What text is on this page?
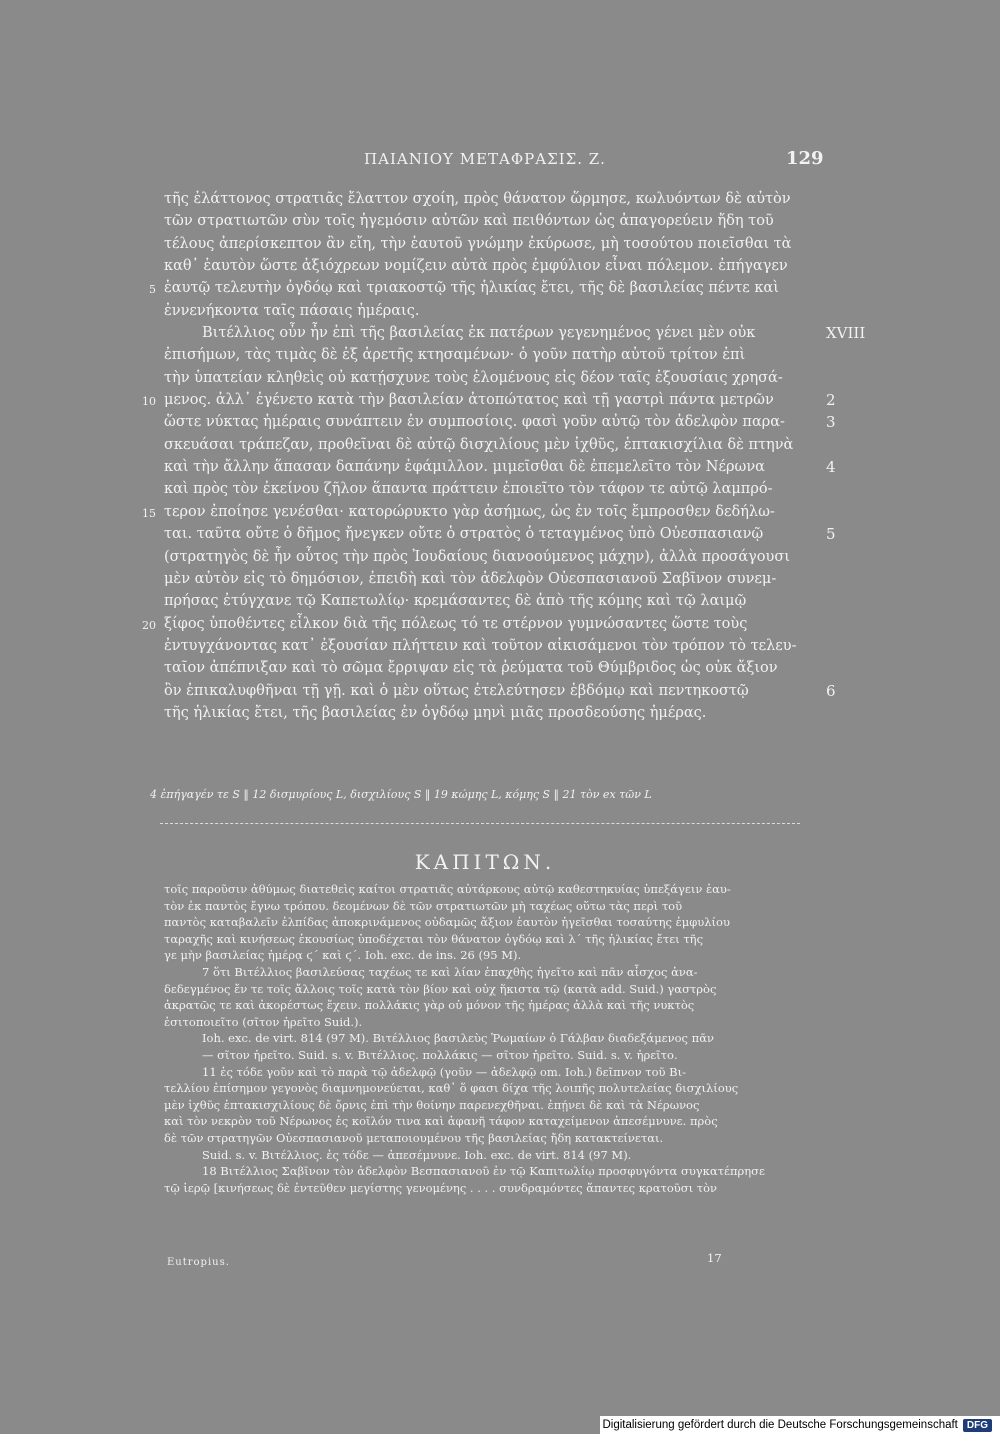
ΠΑΙΑΝΙΟΥ ΜΕΤΑΦΡΑΣΙΣ. Ζ.	129
τῆς ἐλάττονος στρατιᾶς ἔλαττον σχοίη, πρὸς θάνατον ὥρμησε, κωλυόντων δὲ αὐτὸν
τῶν στρατιωτῶν σὺν τοῖς ἡγεμόσιν αὐτῶν καὶ πειθόντων ὡς ἀπαγορεύειν ἤδη τοῦ
τέλους ἀπερίσκεπτον ἂν εἴη, τὴν ἑαυτοῦ γνώμην ἐκύρωσε, μὴ τοσούτου ποιεῖσθαι τὰ
καθ᾿ ἑαυτὸν ὥστε ἀξιόχρεων νομίζειν αὐτὰ πρὸς ἐμφύλιον εἶναι πόλεμον. ἐπήγαγεν
ἑαυτῷ τελευτὴν ὀγδόῳ καὶ τριακοστῷ τῆς ἡλικίας ἔτει, τῆς δὲ βασιλείας πέντε καὶ
5
ἐννενήκοντα ταῖς πάσαις ἡμέραις.
Βιτέλλιος οὖν ἦν ἐπὶ τῆς βασιλείας ἐκ πατέρων γεγενημένος γένει μὲν οὐκ	XVIII
ἐπισήμων, τὰς τιμὰς δὲ ἐξ ἀρετῆς κτησαμένων· ὁ γοῦν πατὴρ αὐτοῦ τρίτον ἐπὶ
τὴν ὑπατείαν κληθεὶς οὐ κατῄσχυνε τοὺς ἑλομένους εἰς δέον ταῖς ἐξουσίαις χρησά-
μενος. ἀλλ᾿ ἐγένετο κατὰ τὴν βασιλείαν ἀτοπώτατος καὶ τῇ γαστρὶ πάντα μετρῶν
10	2
ὥστε νύκτας ἡμέραις συνάπτειν ἐν συμποσίοις. φασὶ γοῦν αὐτῷ τὸν ἀδελφὸν παρα-	3
σκευάσαι τράπεζαν, προθεῖναι δὲ αὐτῷ δισχιλίους μὲν ἰχθῦς, ἑπτακισχίλια δὲ πτηνὰ
καὶ τὴν ἄλλην ἅπασαν δαπάνην ἐφάμιλλον. μιμεῖσθαι δὲ ἐπεμελεῖτο τὸν Νέρωνα	4
καὶ πρὸς τὸν ἐκείνου ζῆλον ἅπαντα πράττειν ἐποιεῖτο τὸν τάφον τε αὐτῷ λαμπρό-
τερον ἐποίησε γενέσθαι· κατορώρυκτο γὰρ ἀσήμως, ὡς ἐν τοῖς ἔμπροσθεν δεδήλω-
15
ται. ταῦτα οὔτε ὁ δῆμος ἤνεγκεν οὔτε ὁ στρατὸς ὁ τεταγμένος ὑπὸ Οὐεσπασιανῷ	5
(στρατηγὸς δὲ ἦν οὗτος τὴν πρὸς Ἰουδαίους διανοούμενος μάχην), ἀλλὰ προσάγουσι
μὲν αὐτὸν εἰς τὸ δημόσιον, ἐπειδὴ καὶ τὸν ἀδελφὸν Οὐεσπασιανοῦ Σαβῖνον συνεμ-
πρήσας ἐτύγχανε τῷ Καπετωλίῳ· κρεμάσαντες δὲ ἀπὸ τῆς κόμης καὶ τῷ λαιμῷ
ξίφος ὑποθέντες εἷλκον διὰ τῆς πόλεως τό τε στέρνον γυμνώσαντες ὥστε τοὺς
20
ἐντυγχάνοντας κατ᾿ ἐξουσίαν πλήττειν καὶ τοῦτον αἰκισάμενοι τὸν τρόπον τὸ τελευ-
ταῖον ἀπέπνιξαν καὶ τὸ σῶμα ἔρριψαν εἰς τὰ ῥεύματα τοῦ Θύμβριδος ὡς οὐκ ἄξιον
ὂν ἐπικαλυφθῆναι τῇ γῇ. καὶ ὁ μὲν οὕτως ἐτελεύτησεν ἑβδόμῳ καὶ πεντηκοστῷ	6
τῆς ἡλικίας ἔτει, τῆς βασιλείας ἐν ὀγδόῳ μηνὶ μιᾶς προσδεούσης ἡμέρας.
4 ἐπήγαγέν τε S ‖ 12 δισμυρίους L, δισχιλίους S ‖ 19 κώμης L, κόμης S ‖ 21 τὸν ex τῶν L
ΚΑΠΙΤΩΝ.
τοῖς παροῦσιν ἀθύμως διατεθεὶς καίτοι στρατιᾶς αὐτάρκους αὐτῷ καθεστηκυίας ὑπεξάγειν ἑαυ-
τὸν ἐκ παντὸς ἔγνω τρόπου. δεομένων δὲ τῶν στρατιωτῶν μὴ ταχέως οὕτω τὰς περὶ τοῦ
παντὸς καταβαλεῖν ἐλπίδας ἀποκρινάμενος οὐδαμῶς ἄξιον ἑαυτὸν ἡγεῖσθαι τοσαύτης ἐμφυλίου
ταραχῆς καὶ κινήσεως ἑκουσίως ὑποδέχεται τὸν θάνατον ὀγδόῳ καὶ λ΄ τῆς ἡλικίας ἔτει τῆς
γε μὴν βασιλείας ἡμέρᾳ ϛ΄ καὶ ϛ΄. Ioh. exc. de ins. 26 (95 M).
7 ὅτι Βιτέλλιος βασιλεύσας ταχέως τε καὶ λίαν ἐπαχθὴς ἡγεῖτο καὶ πᾶν αἶσχος ἀνα-
δεδεγμένος ἔν τε τοῖς ἄλλοις τοῖς κατὰ τὸν βίον καὶ οὐχ ἥκιστα τῷ (κατὰ add. Suid.) γαστρὸς
ἀκρατῶς τε καὶ ἀκορέστως ἔχειν. πολλάκις γὰρ οὐ μόνον τῆς ἡμέρας ἀλλὰ καὶ τῆς νυκτὸς
ἐσιτοποιεῖτο (σῖτον ἡρεῖτο Suid.).
Ioh. exc. de virt. 814 (97 M). Βιτέλλιος βασιλεὺς Ῥωμαίων ὁ Γάλβαν διαδεξάμενος πᾶν
— σῖτον ἡρεῖτο. Suid. s. v. Βιτέλλιος. πολλάκις — σῖτον ἡρεῖτο. Suid. s. v. ἡρεῖτο.
11 ἐς τόδε γοῦν καὶ τὸ παρὰ τῷ ἀδελφῷ (γοῦν — ἀδελφῷ om. Ioh.) δεῖπνον τοῦ Βι-
τελλίου ἐπίσημον γεγονὸς διαμνημονεύεται, καθ᾿ ὅ φασι δίχα τῆς λοιπῆς πολυτελείας δισχιλίους
μὲν ἰχθῦς ἑπτακισχιλίους δὲ ὄρνις ἐπὶ τὴν θοίνην παρενεχθῆναι. ἐπῄνει δὲ καὶ τὰ Νέρωνος
καὶ τὸν νεκρὸν τοῦ Νέρωνος ἐς κοῖλόν τινα καὶ ἀφανῆ τάφον καταχείμενον ἀπεσέμνυνε. πρὸς
δὲ τῶν στρατηγῶν Οὐεσπασιανοῦ μεταποιουμένου τῆς βασιλείας ἤδη κατακτείνεται.
Suid. s. v. Βιτέλλιος. ἐς τόδε — ἀπεσέμνυνε. Ioh. exc. de virt. 814 (97 M).
18 Βιτέλλιος Σαβῖνον τὸν ἀδελφὸν Βεσπασιανοῦ ἐν τῷ Καπιτωλίῳ προσφυγόντα συγκατέπρησε
τῷ ἱερῷ [κινήσεως δὲ ἐντεῦθεν μεγίστης γενομένης . . . . συνδραμόντες ἅπαντες κρατοῦσι τὸν
Eutropius.	17
Digitalisierung gefördert durch die Deutsche Forschungsgemeinschaft DFG
